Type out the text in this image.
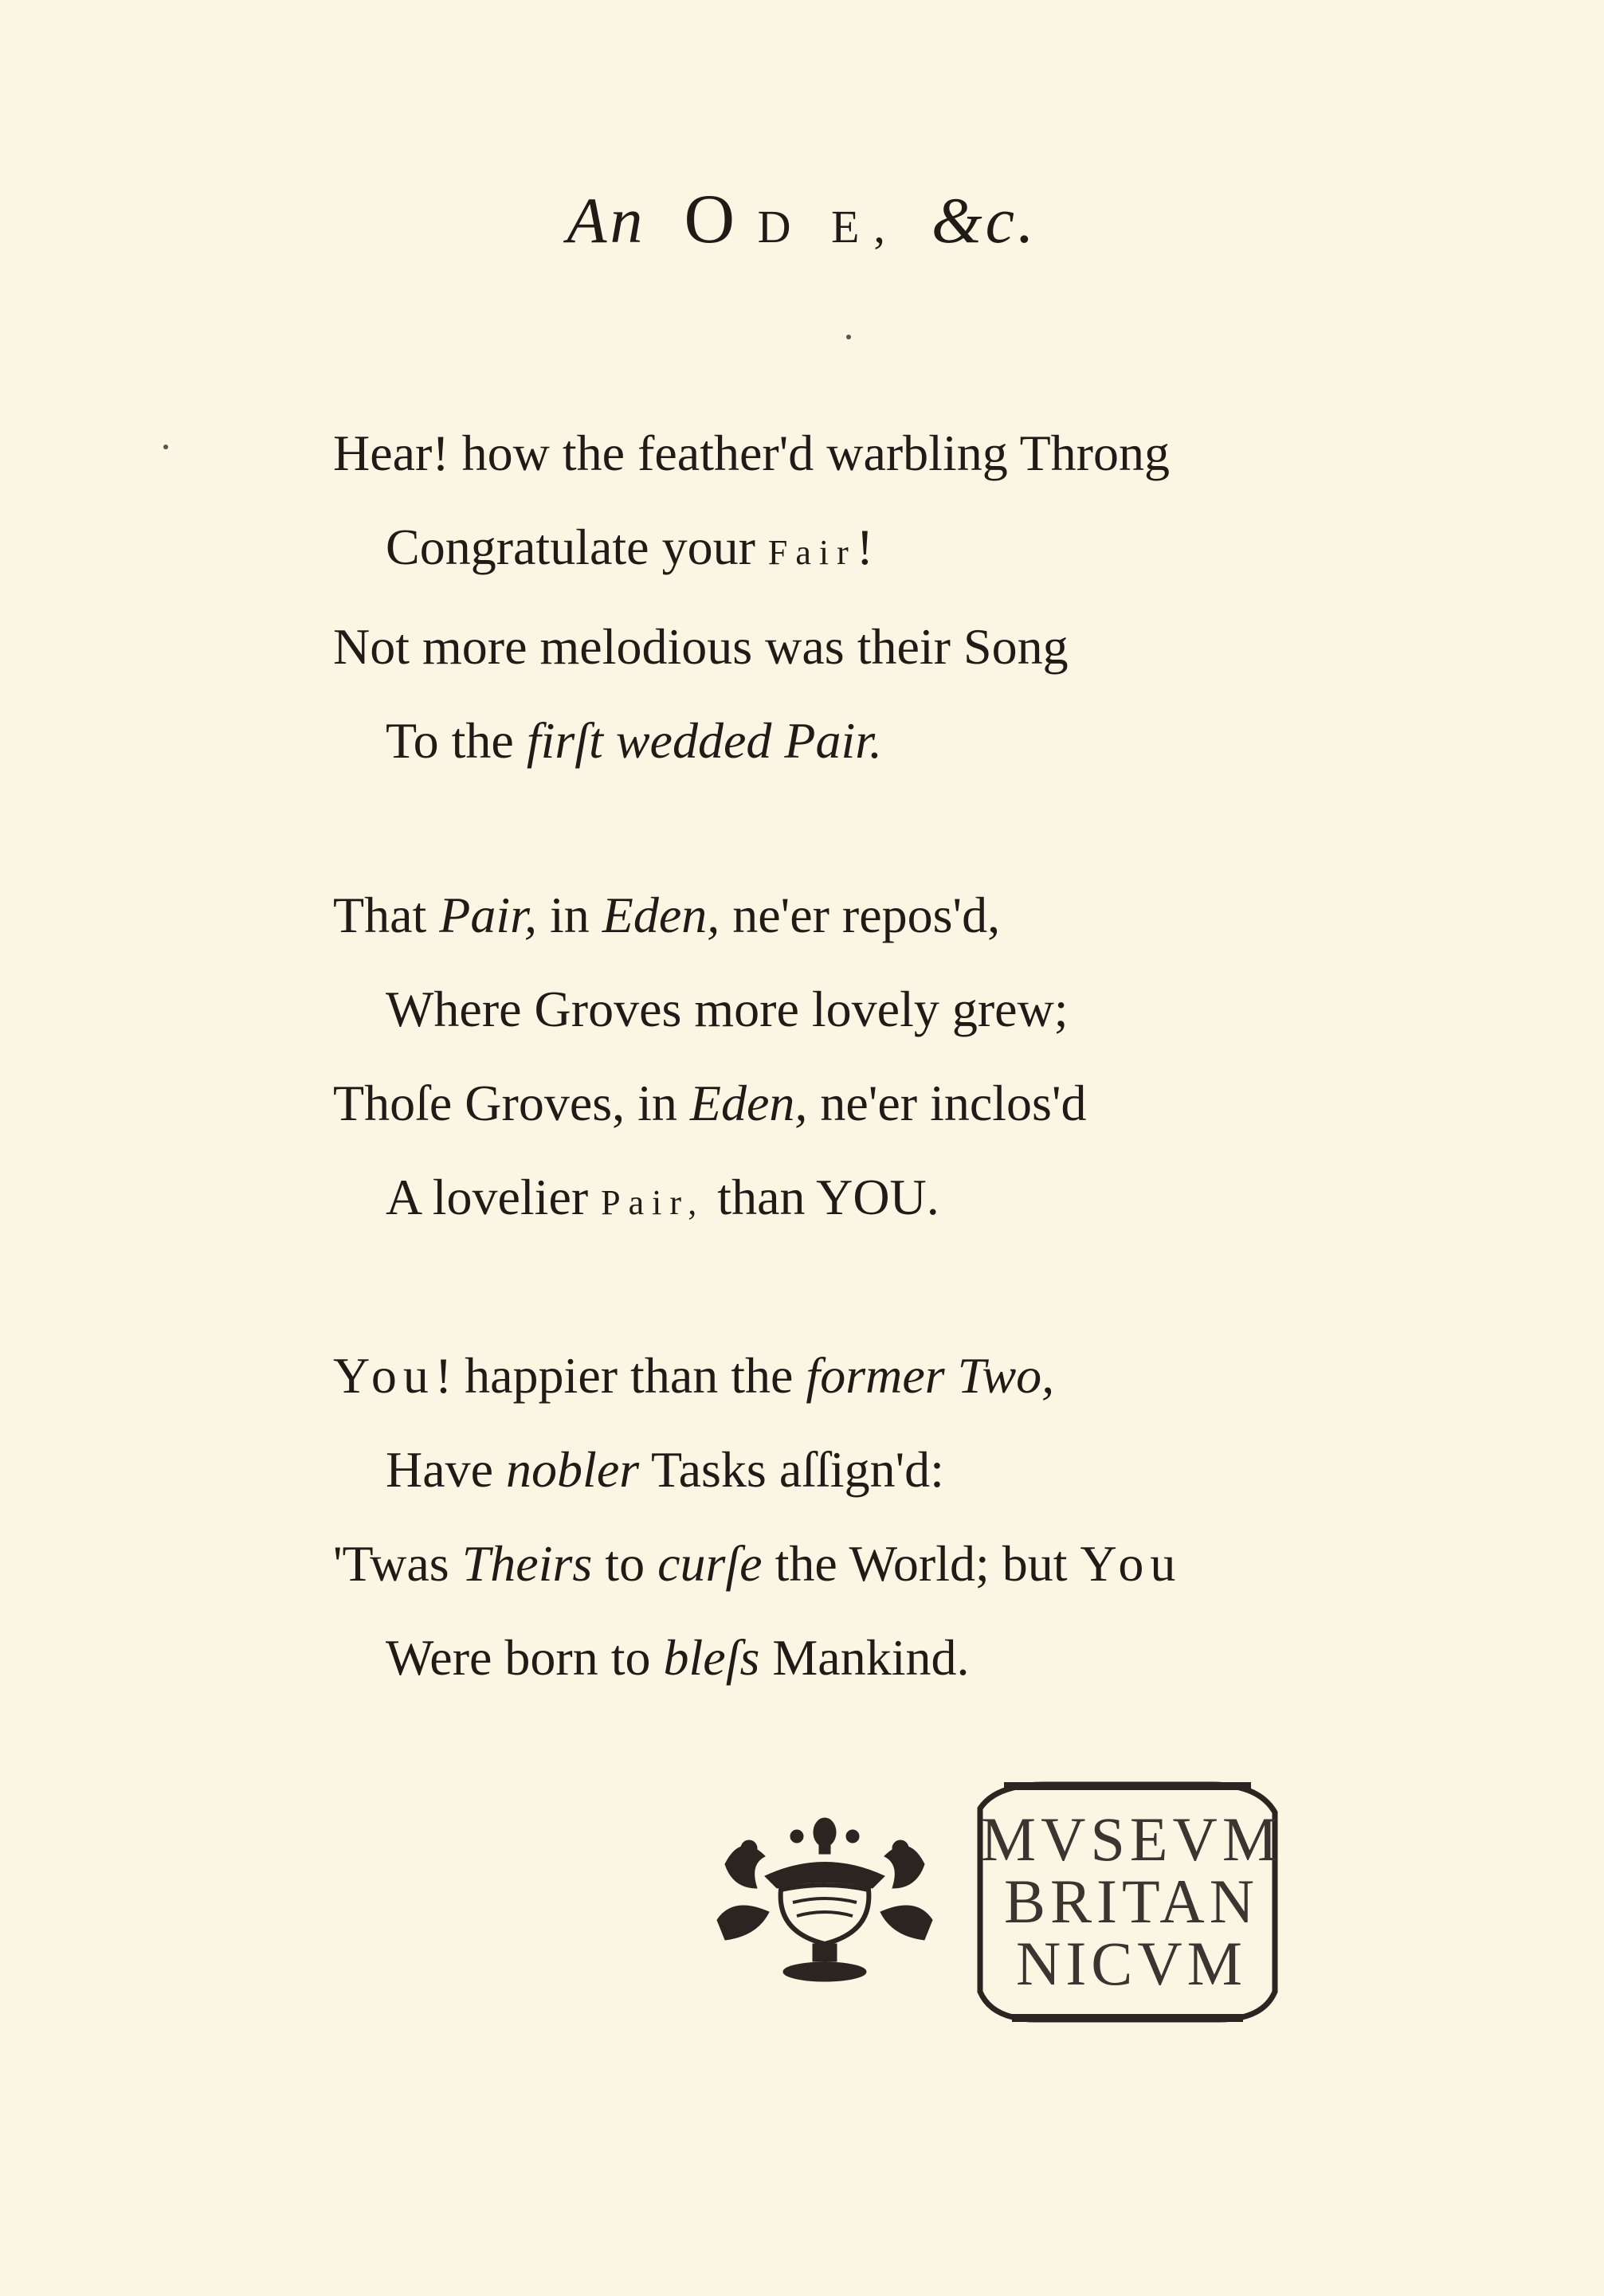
An O D E, &c.
Hear! how the feather'd warbling Throng
Congratulate your Fair!
Not more melodious was their Song
To the firſt wedded Pair.
That Pair, in Eden, ne'er repos'd,
Where Groves more lovely grew;
Thoſe Groves, in Eden, ne'er inclos'd
A lovelier Pair, than YOU.
You! happier than the former Two,
Have nobler Tasks aſſign'd:
'Twas Theirs to curſe the World; but You
Were born to bleſs Mankind.
MVSEVM
BRITAN
NICVM
